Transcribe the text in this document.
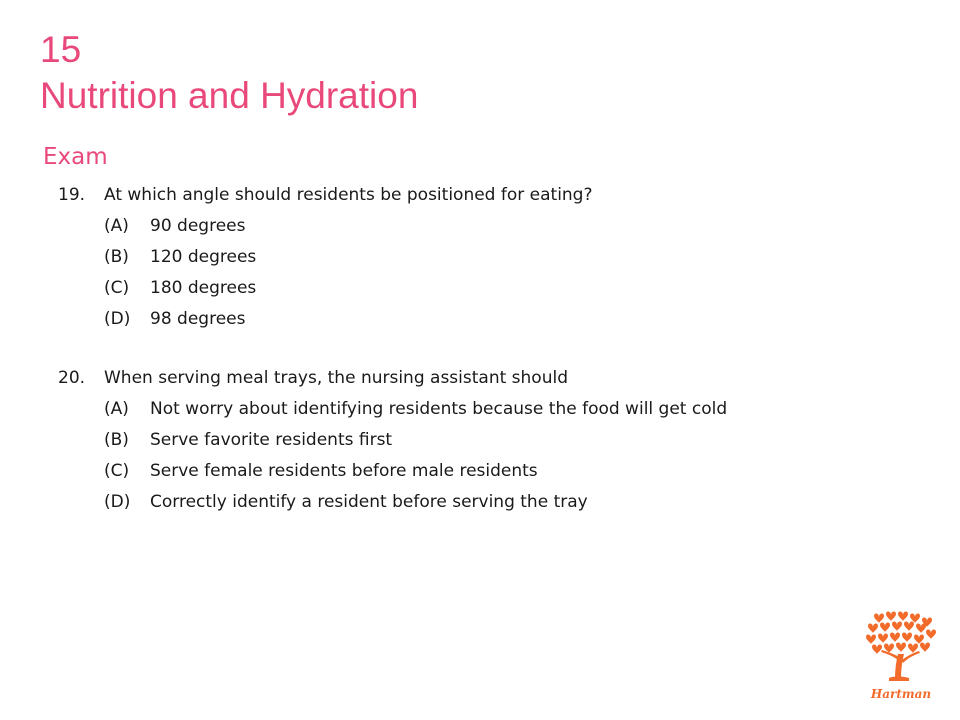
15
Nutrition and Hydration
Exam
19.	At which angle should residents be positioned for eating?
(A)	90 degrees
(B)	120 degrees
(C)	180 degrees
(D)	98 degrees
20.	When serving meal trays, the nursing assistant should
(A)	Not worry about identifying residents because the food will get cold
(B)	Serve favorite residents first
(C)	Serve female residents before male residents
(D)	Correctly identify a resident before serving the tray
Hartman
